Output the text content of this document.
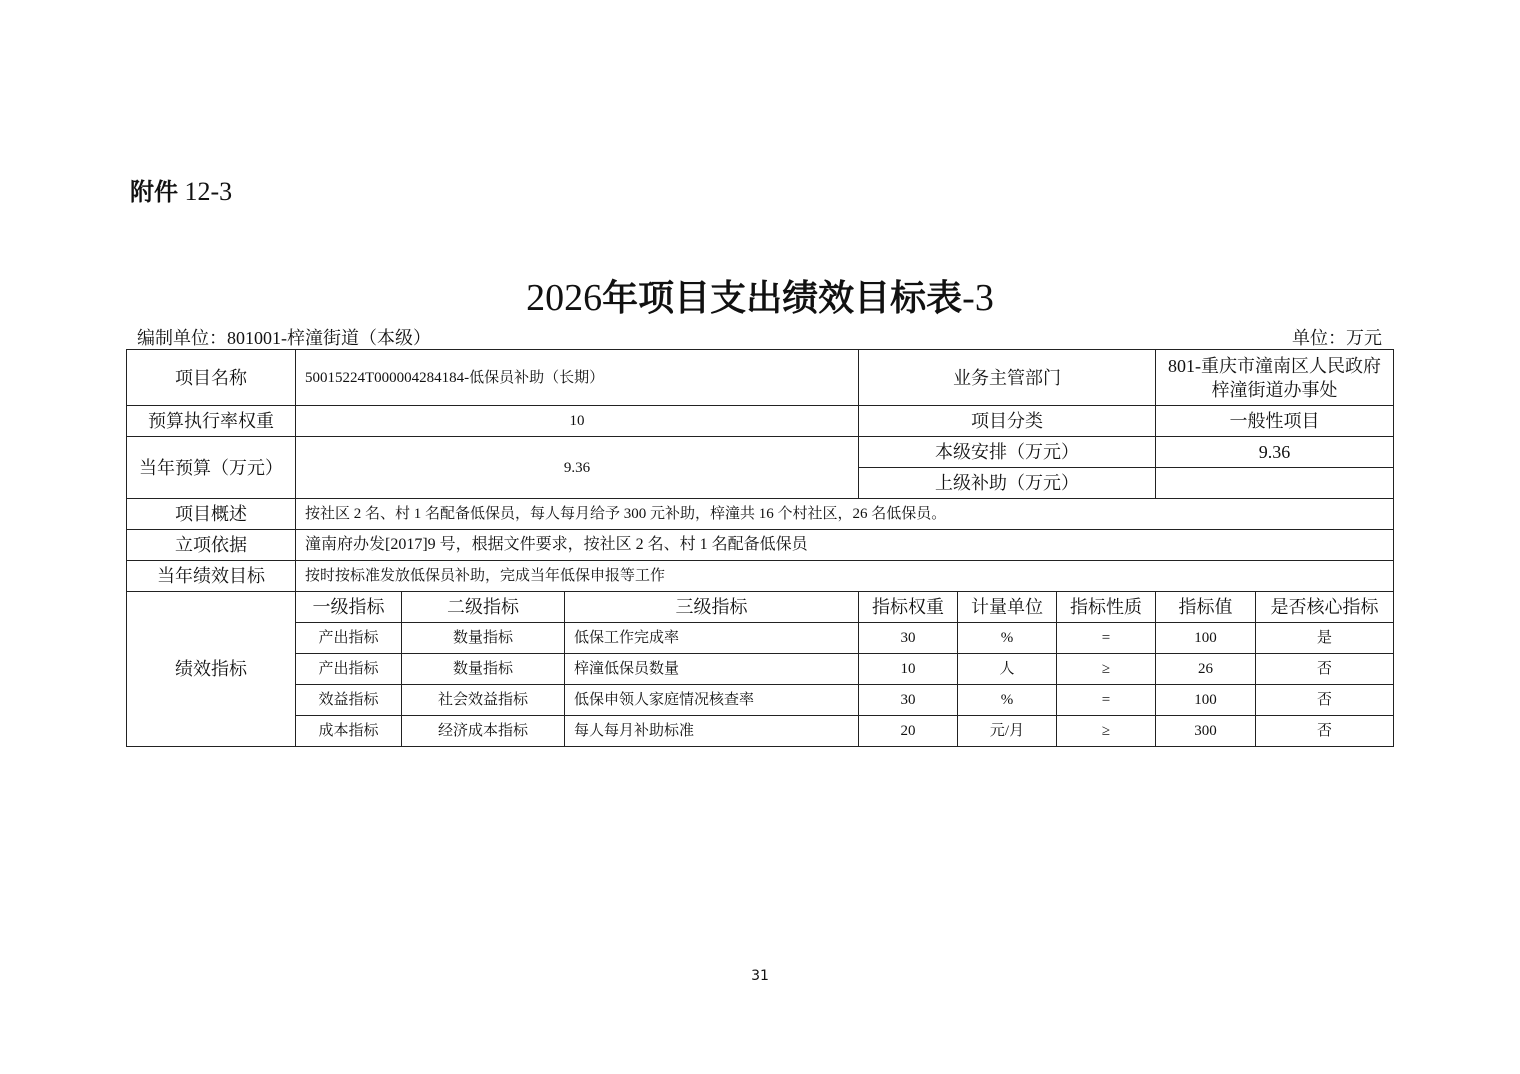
附件 12-3
2026年项目支出绩效目标表-3
编制单位：801001-梓潼街道（本级）	单位：万元
项目名称	50015224T000004284184-低保员补助（长期）			业务主管部门			801-重庆市潼南区人民政府梓潼街道办事处	
预算执行率权重	10			项目分类			一般性项目	
当年预算（万元）	9.36			本级安排（万元）			9.36	
				上级补助（万元）				
项目概述	按社区 2 名、村 1 名配备低保员，每人每月给予 300 元补助，梓潼共 16 个村社区，26 名低保员。							
立项依据	潼南府办发[2017]9 号，根据文件要求，按社区 2 名、村 1 名配备低保员							
当年绩效目标	按时按标准发放低保员补助，完成当年低保申报等工作							
绩效指标	一级指标	二级指标	三级指标	指标权重	计量单位	指标性质	指标值	是否核心指标
	产出指标	数量指标	低保工作完成率	30	%	=	100	是
	产出指标	数量指标	梓潼低保员数量	10	人	≥	26	否
	效益指标	社会效益指标	低保申领人家庭情况核查率	30	%	=	100	否
	成本指标	经济成本指标	每人每月补助标准	20	元/月	≥	300	否
31
